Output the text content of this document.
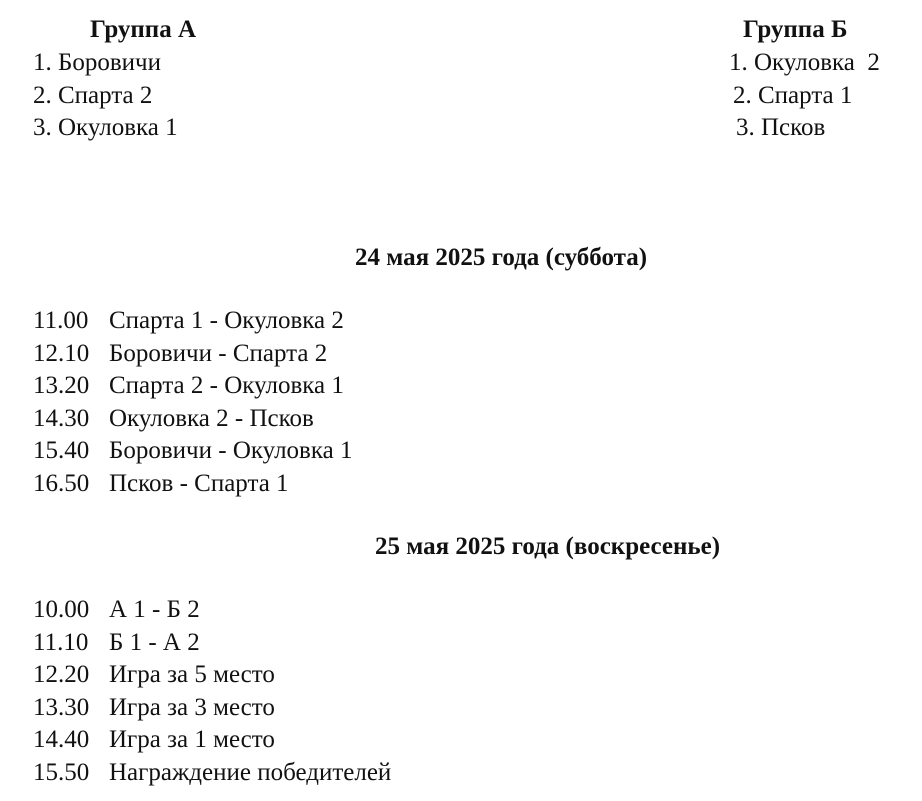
Группа А
1. Боровичи
2. Спарта 2
3. Окуловка 1
Группа Б
1. Окуловка  2
2. Спарта 1
3. Псков
24 мая 2025 года (суббота)
11.00 Спарта 1 - Окуловка 2
12.10 Боровичи - Спарта 2
13.20 Спарта 2 - Окуловка 1
14.30 Окуловка 2 - Псков
15.40 Боровичи - Окуловка 1
16.50 Псков - Спарта 1
25 мая 2025 года (воскресенье)
10.00 А 1 - Б 2
11.10 Б 1 - А 2
12.20 Игра за 5 место
13.30 Игра за 3 место
14.40 Игра за 1 место
15.50 Награждение победителей
